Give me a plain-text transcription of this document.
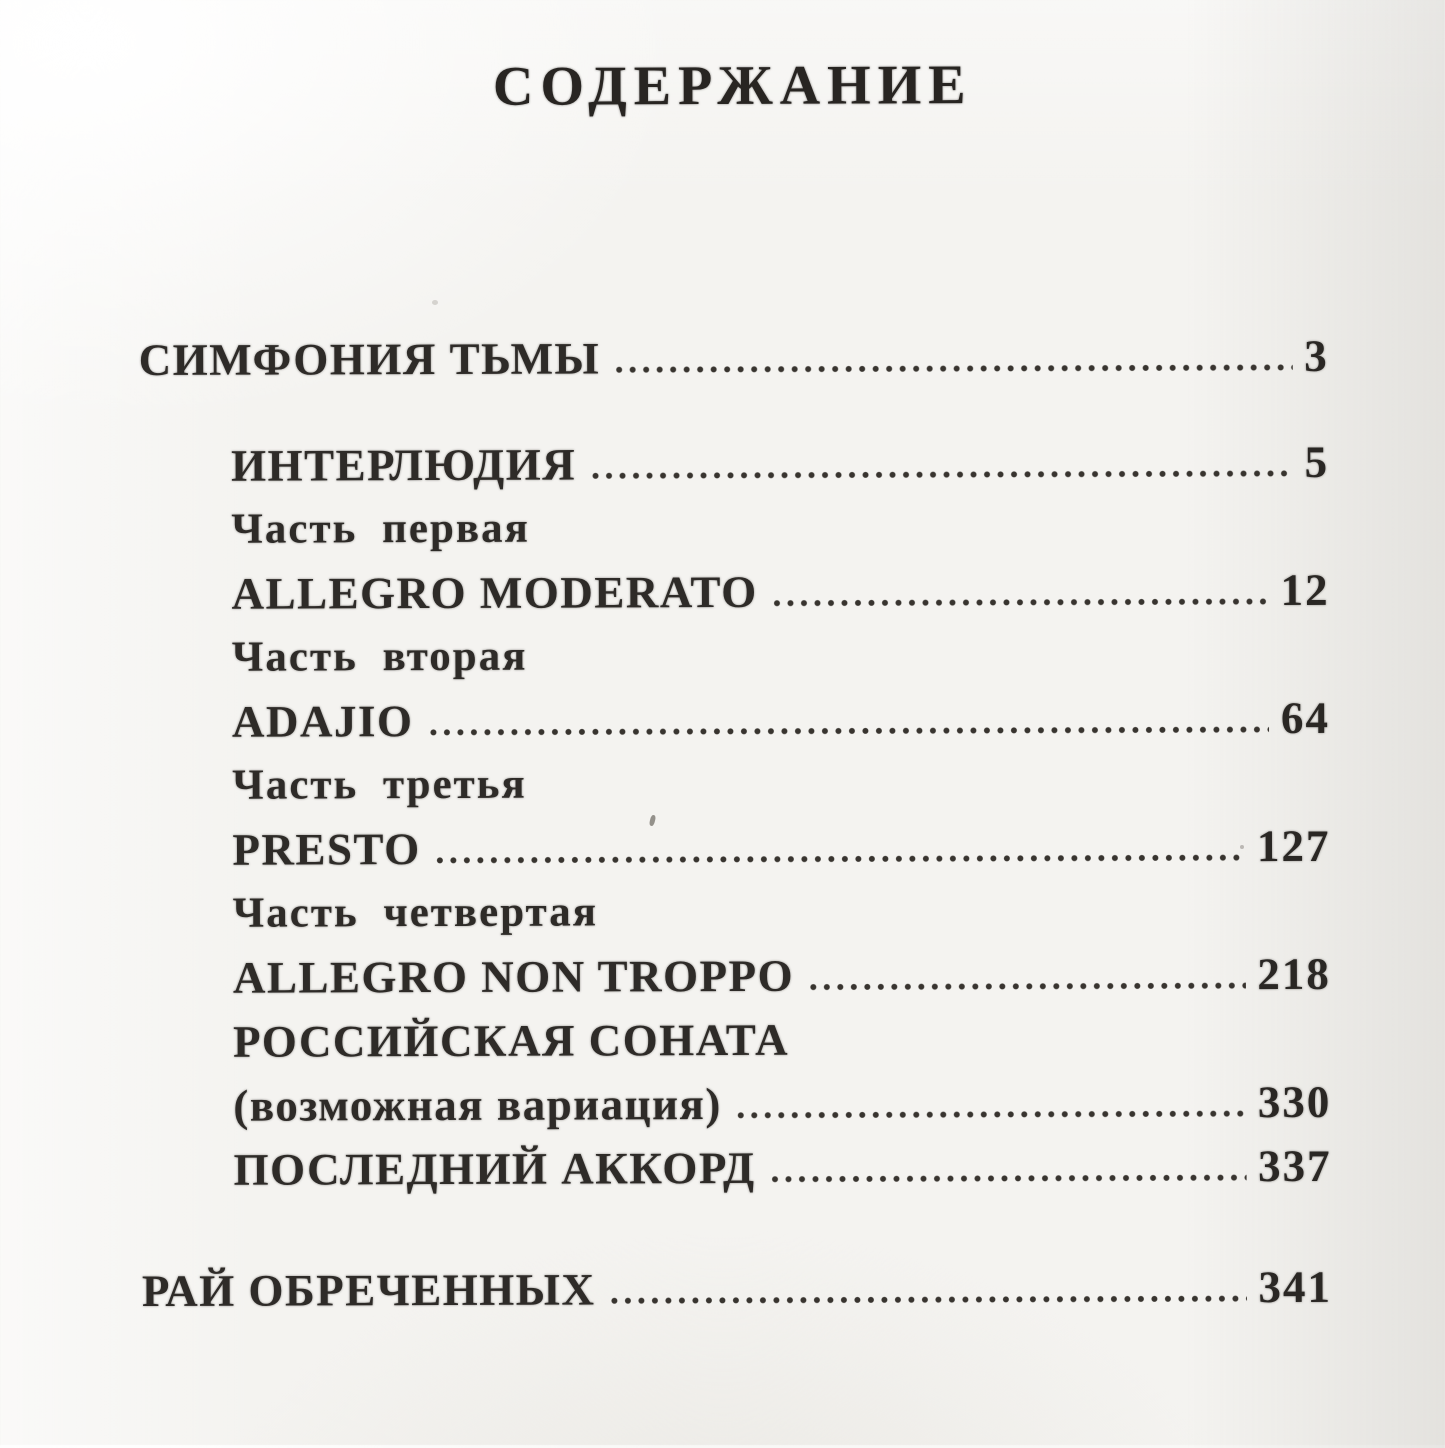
СОДЕРЖАНИЕ
СИМФОНИЯ ТЬМЫ	3
ИНТЕРЛЮДИЯ	5
Часть первая
ALLEGRO MODERATO	12
Часть вторая
ADAJIO	64
Часть третья
PRESTO	127
Часть четвертая
ALLEGRO NON TROPPO	218
РОССИЙСКАЯ СОНАТА
(возможная вариация)	330
ПОСЛЕДНИЙ АККОРД	337
РАЙ ОБРЕЧЕННЫХ	341
